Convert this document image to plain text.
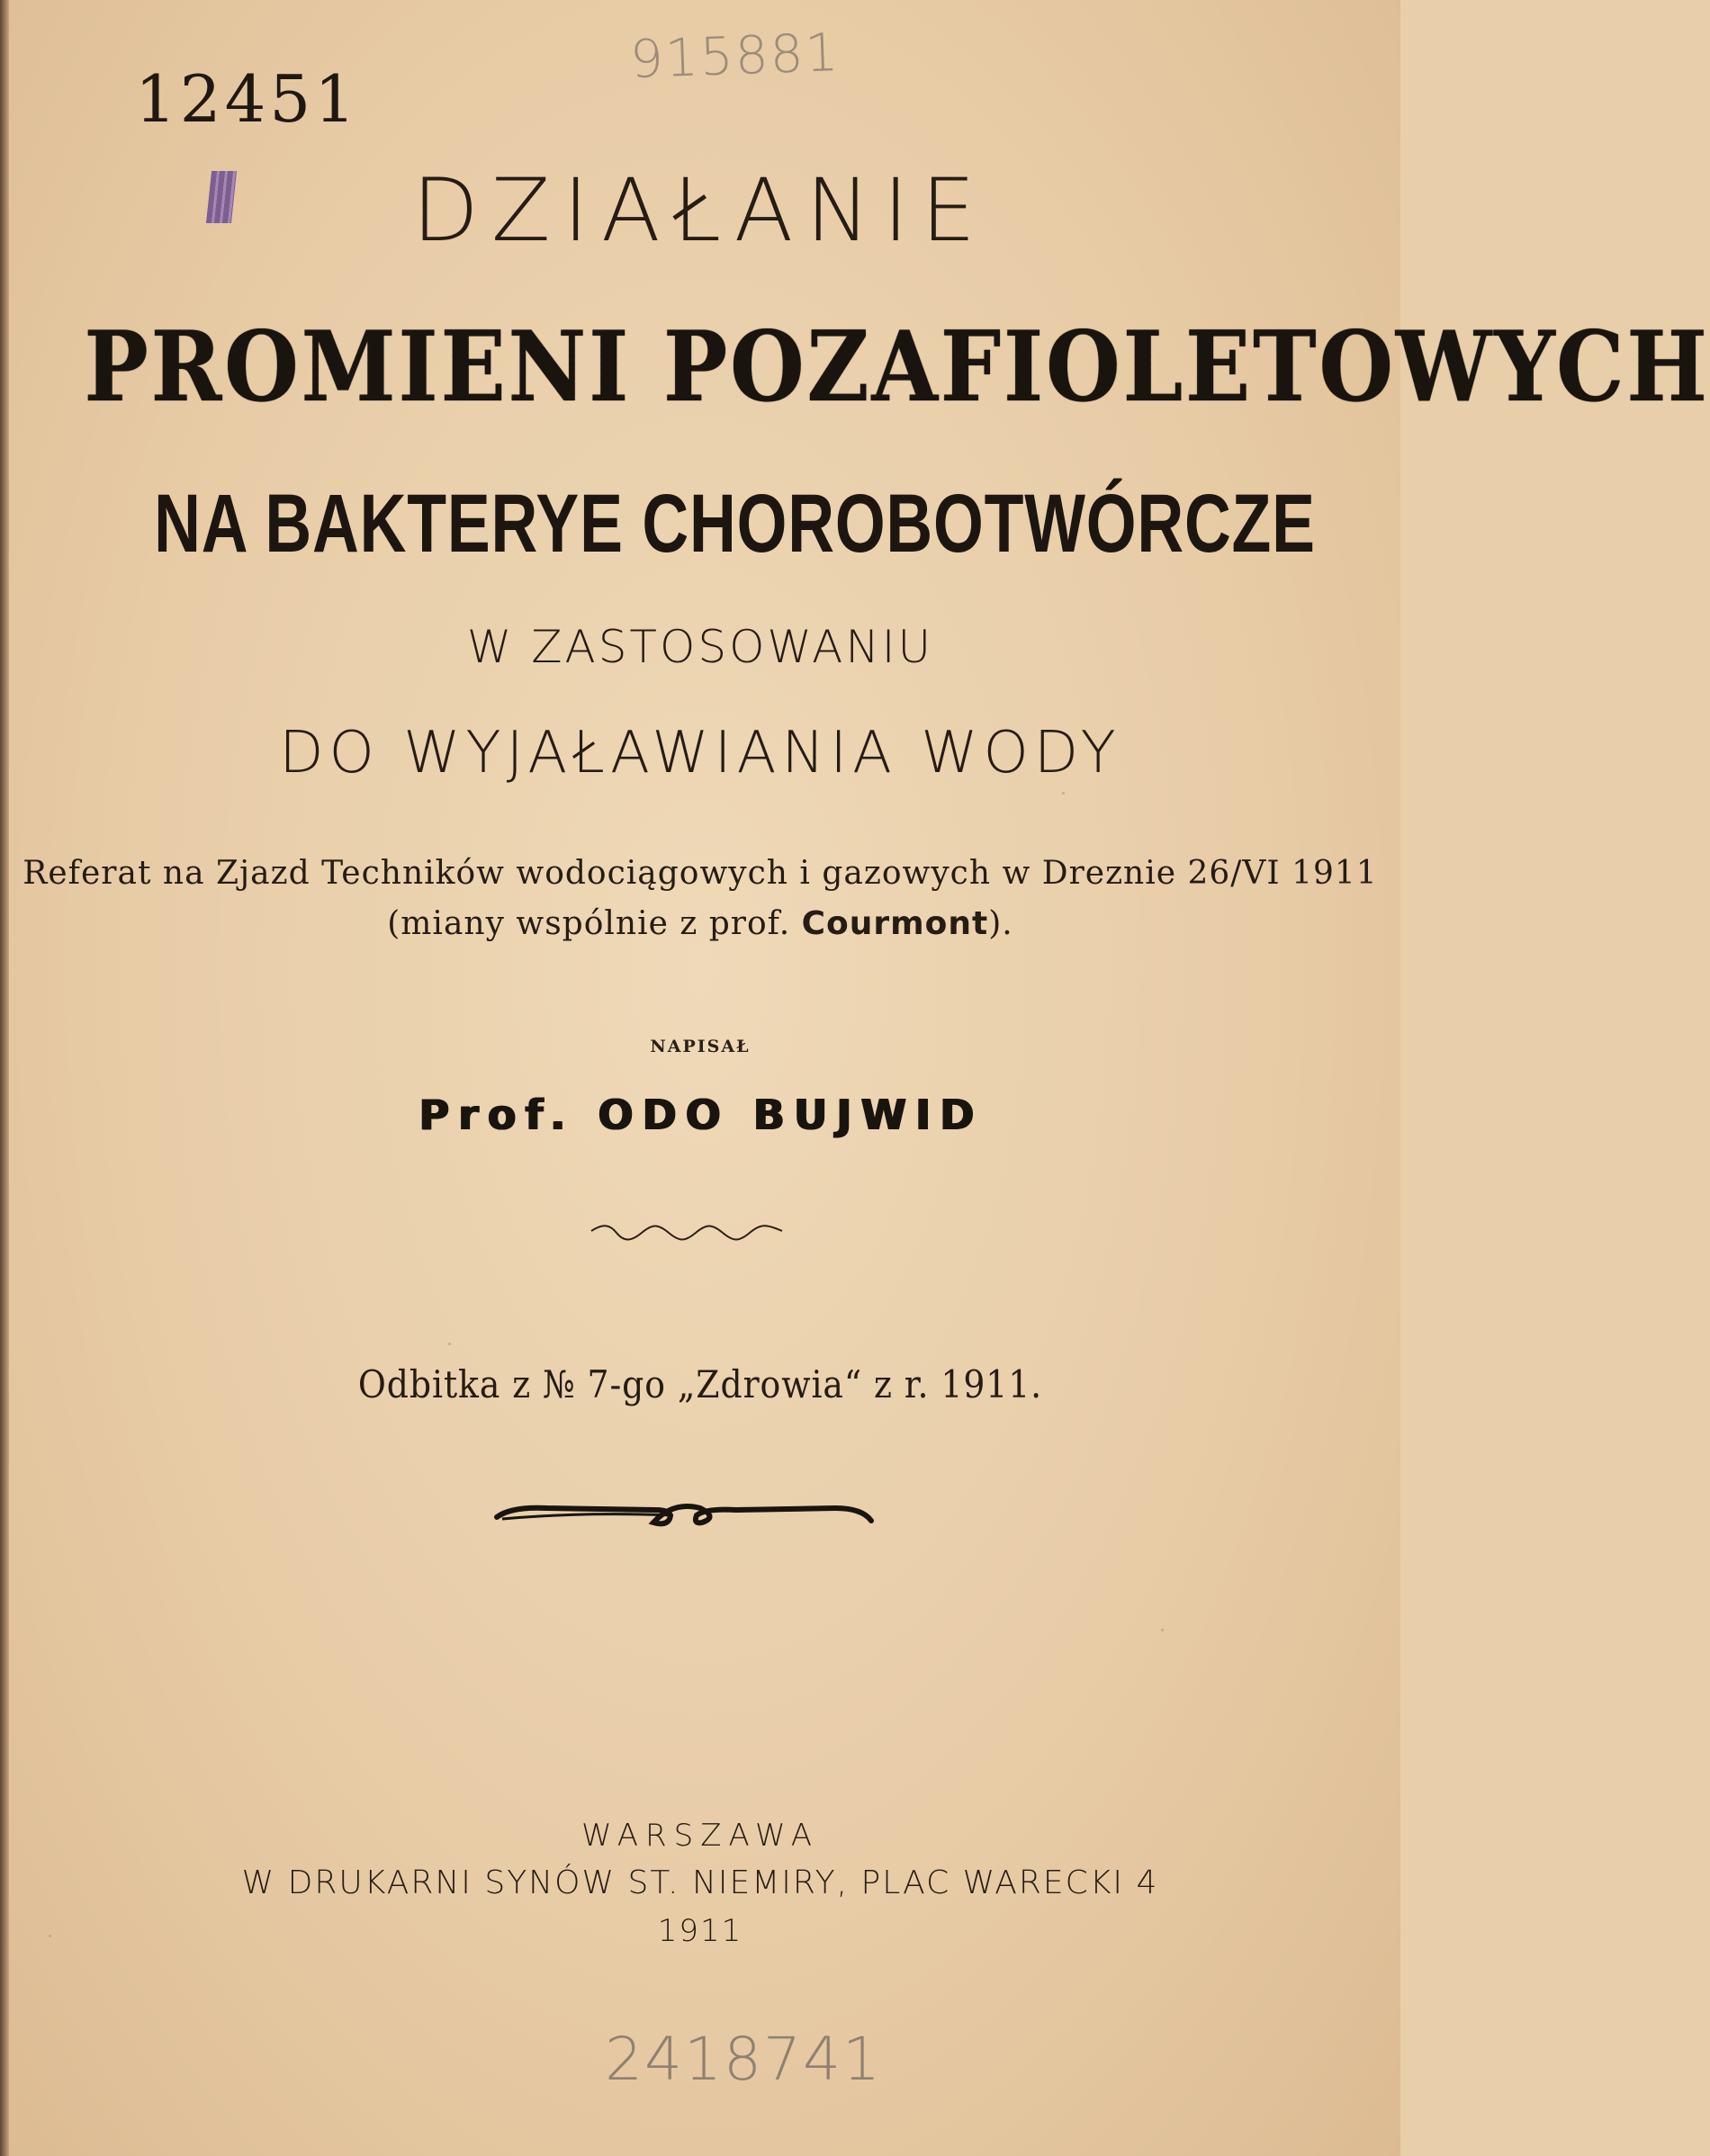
12451
915881
DZIAŁANIE
PROMIENI POZAFIOLETOWYCH
NA BAKTERYE CHOROBOTWÓRCZE
W ZASTOSOWANIU
DO WYJAŁAWIANIA WODY
Referat na Zjazd Techników wodociągowych i gazowych w Dreznie 26/VI 1911
(miany wspólnie z prof. Courmont).
NAPISAŁ
Prof. ODO BUJWID
Odbitka z № 7-go „Zdrowia“ z r. 1911.
WARSZAWA
W DRUKARNI SYNÓW ST. NIEMIRY, PLAC WARECKI 4
1911
2418741
